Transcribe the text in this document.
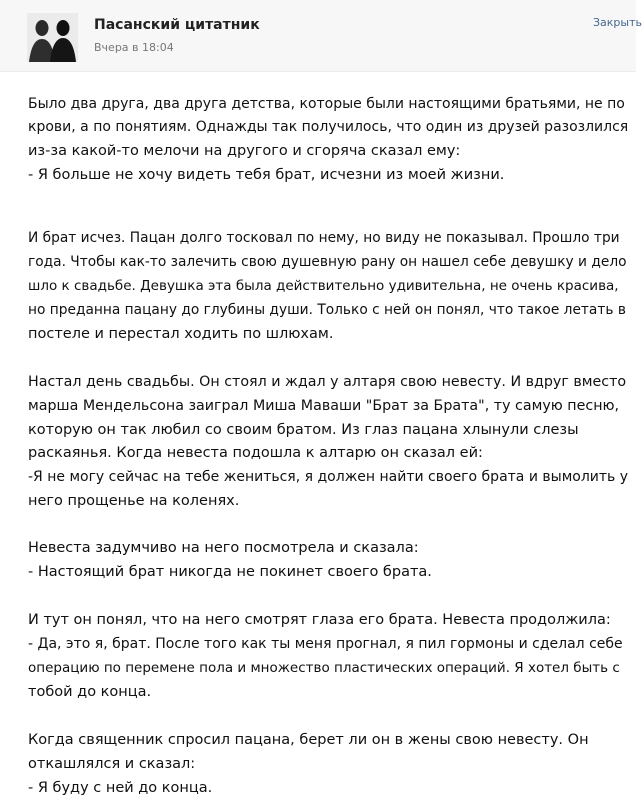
Пасанский цитатник
Вчера в 18:04
Закрыть
Было два друга, два друга детства, которые были настоящими братьями, не по
крови, а по понятиям. Однажды так получилось, что один из друзей разозлился
из-за какой-то мелочи на другого и сгоряча сказал ему:
- Я больше не хочу видеть тебя брат, исчезни из моей жизни.
И брат исчез. Пацан долго тосковал по нему, но виду не показывал. Прошло три
года. Чтобы как-то залечить свою душевную рану он нашел себе девушку и дело
шло к свадьбе. Девушка эта была действительно удивительна, не очень красива,
но преданна пацану до глубины души. Только с ней он понял, что такое летать в
постеле и перестал ходить по шлюхам.
Настал день свадьбы. Он стоял и ждал у алтаря свою невесту. И вдруг вместо
марша Мендельсона заиграл Миша Маваши "Брат за Брата", ту самую песню,
которую он так любил со своим братом. Из глаз пацана хлынули слезы
раскаянья. Когда невеста подошла к алтарю он сказал ей:
-Я не могу сейчас на тебе жениться, я должен найти своего брата и вымолить у
него прощенье на коленях.
Невеста задумчиво на него посмотрела и сказала:
- Настоящий брат никогда не покинет своего брата.
И тут он понял, что на него смотрят глаза его брата. Невеста продолжила:
- Да, это я, брат. После того как ты меня прогнал, я пил гормоны и сделал себе
операцию по перемене пола и множество пластических операций. Я хотел быть с
тобой до конца.
Когда священник спросил пацана, берет ли он в жены свою невесту. Он
откашлялся и сказал:
- Я буду с ней до конца.
